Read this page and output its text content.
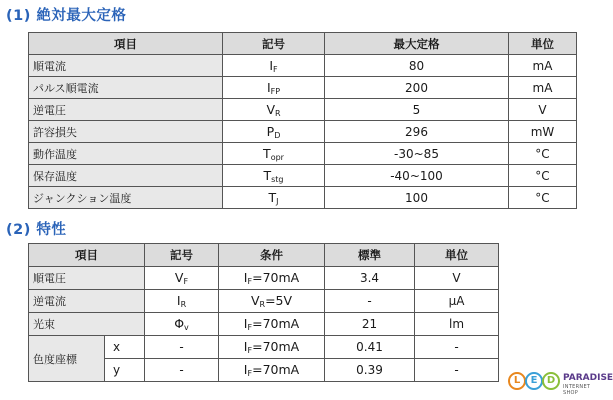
(1) 絶対最大定格
項目	記号	最大定格	単位
順電流	$I_F$	80	mA
パルス順電流	$I_{FP}$	200	mA
逆電圧	$V_R$	5	V
許容損失	$P_D$	296	mW
動作温度	$T_{opr}$	-30~85	°C
保存温度	$T_{stg}$	-40~100	°C
ジャンクション温度	$T_J$	100	°C
(2) 特性
項目		記号	条件	標準	単位
順電圧		$V_F$	$I_F=70mA$	3.4	V
逆電流		$I_R$	$V_R=5V$	-	μA
光束		$\Phi_v$	$I_F=70mA$	21	lm
色度座標	x	-	$I_F=70mA$	0.41	-
	y	-	$I_F=70mA$	0.39	-
L	E D PARADISE
INTERNET SHOP
